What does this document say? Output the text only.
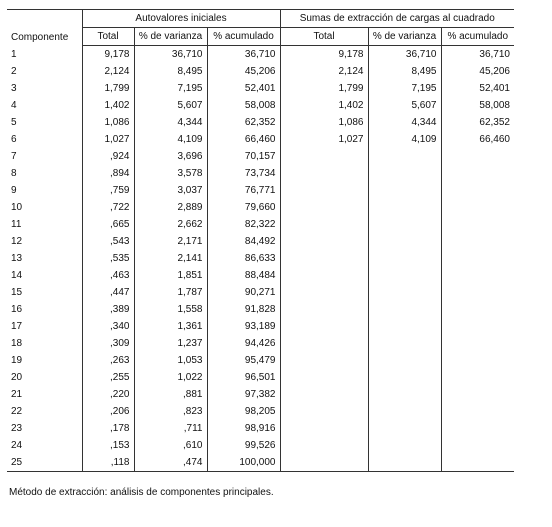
Componente	Autovalores iniciales			Sumas de extracción de cargas al cuadrado		
	Total	% de varianza	% acumulado	Total	% de varianza	% acumulado
1	9,178	36,710	36,710	9,178	36,710	36,710
2	2,124	8,495	45,206	2,124	8,495	45,206
3	1,799	7,195	52,401	1,799	7,195	52,401
4	1,402	5,607	58,008	1,402	5,607	58,008
5	1,086	4,344	62,352	1,086	4,344	62,352
6	1,027	4,109	66,460	1,027	4,109	66,460
7	,924	3,696	70,157			
8	,894	3,578	73,734			
9	,759	3,037	76,771			
10	,722	2,889	79,660			
11	,665	2,662	82,322			
12	,543	2,171	84,492			
13	,535	2,141	86,633			
14	,463	1,851	88,484			
15	,447	1,787	90,271			
16	,389	1,558	91,828			
17	,340	1,361	93,189			
18	,309	1,237	94,426			
19	,263	1,053	95,479			
20	,255	1,022	96,501			
21	,220	,881	97,382			
22	,206	,823	98,205			
23	,178	,711	98,916			
24	,153	,610	99,526			
25	,118	,474	100,000			
Método de extracción: análisis de componentes principales.
